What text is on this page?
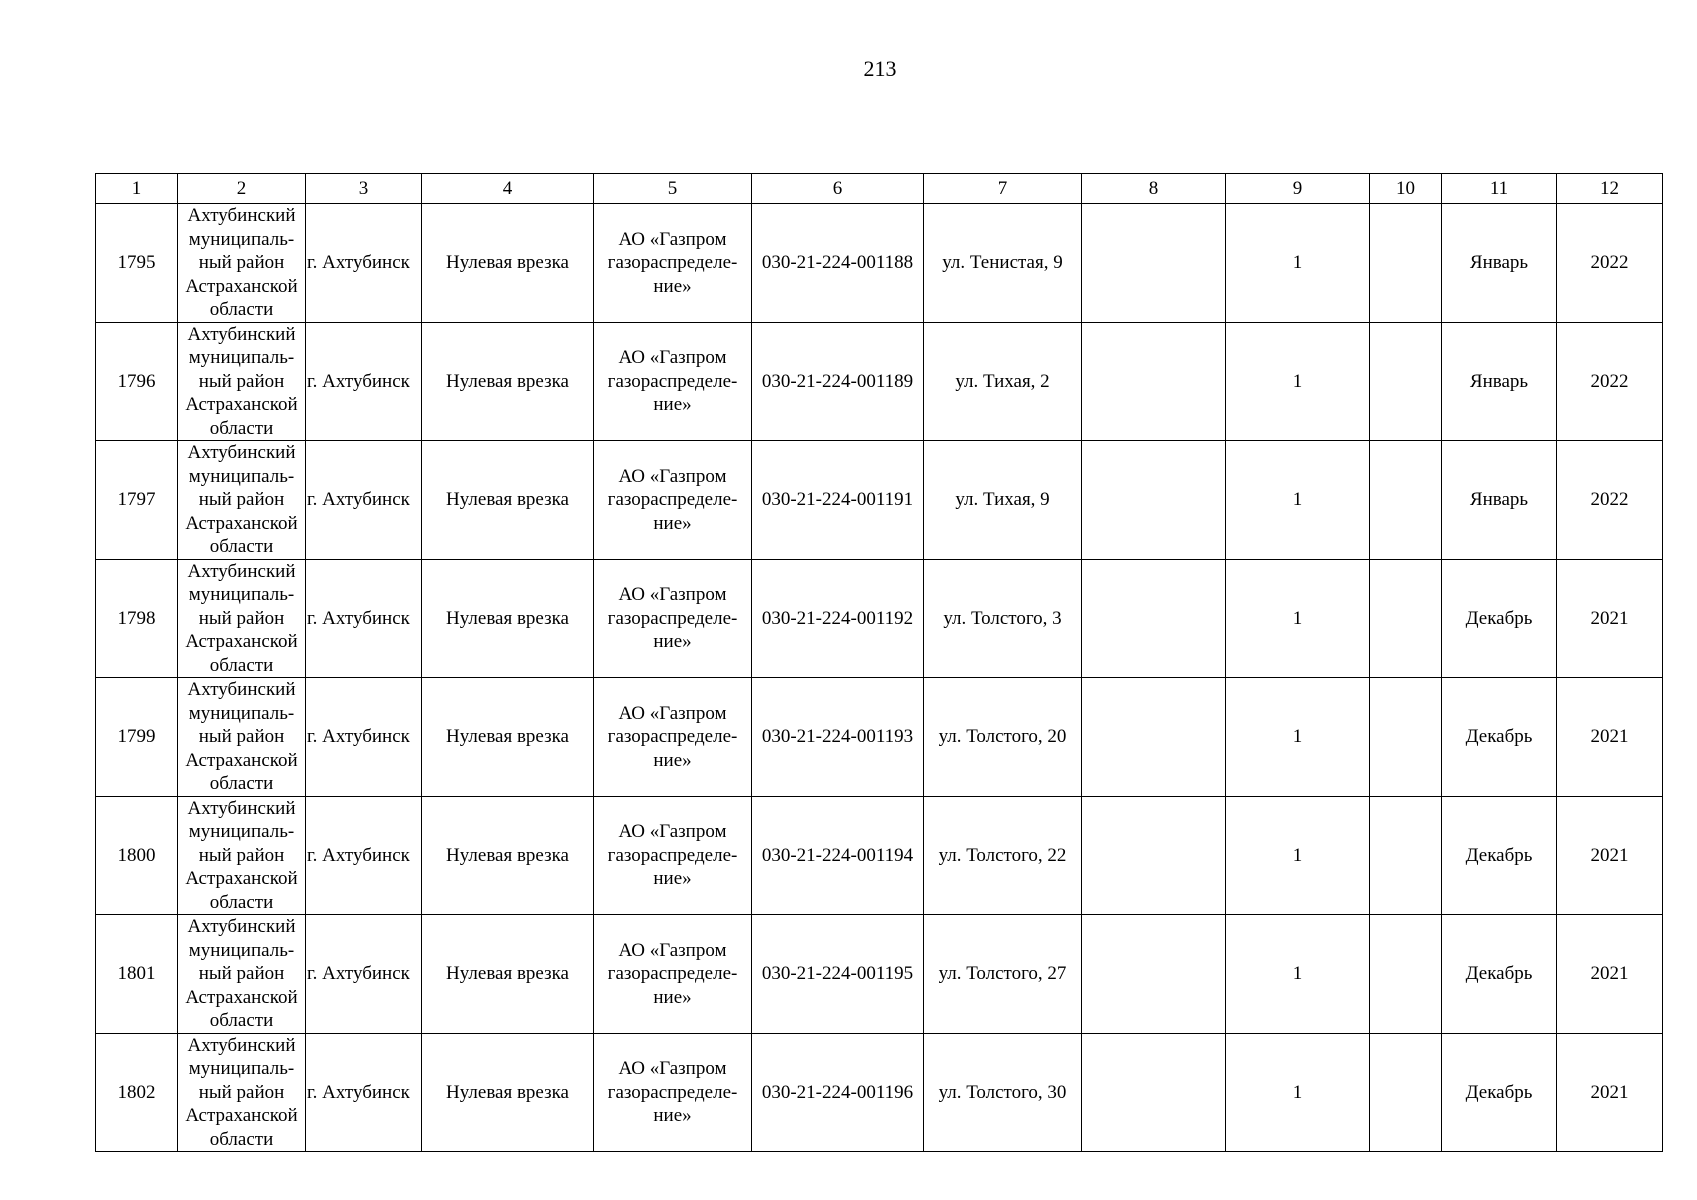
213
1	2	3	4	5	6	7	8	9	10	11	12
1795	Ахтубинский
муниципаль-
ный район
Астраханской
области	г. Ахтубинск	Нулевая врезка	АО «Газпром
газораспределе-
ние»	030-21-224-001188	ул. Тенистая, 9		1		Январь	2022
1796	Ахтубинский
муниципаль-
ный район
Астраханской
области	г. Ахтубинск	Нулевая врезка	АО «Газпром
газораспределе-
ние»	030-21-224-001189	ул. Тихая, 2		1		Январь	2022
1797	Ахтубинский
муниципаль-
ный район
Астраханской
области	г. Ахтубинск	Нулевая врезка	АО «Газпром
газораспределе-
ние»	030-21-224-001191	ул. Тихая, 9		1		Январь	2022
1798	Ахтубинский
муниципаль-
ный район
Астраханской
области	г. Ахтубинск	Нулевая врезка	АО «Газпром
газораспределе-
ние»	030-21-224-001192	ул. Толстого, 3		1		Декабрь	2021
1799	Ахтубинский
муниципаль-
ный район
Астраханской
области	г. Ахтубинск	Нулевая врезка	АО «Газпром
газораспределе-
ние»	030-21-224-001193	ул. Толстого, 20		1		Декабрь	2021
1800	Ахтубинский
муниципаль-
ный район
Астраханской
области	г. Ахтубинск	Нулевая врезка	АО «Газпром
газораспределе-
ние»	030-21-224-001194	ул. Толстого, 22		1		Декабрь	2021
1801	Ахтубинский
муниципаль-
ный район
Астраханской
области	г. Ахтубинск	Нулевая врезка	АО «Газпром
газораспределе-
ние»	030-21-224-001195	ул. Толстого, 27		1		Декабрь	2021
1802	Ахтубинский
муниципаль-
ный район
Астраханской
области	г. Ахтубинск	Нулевая врезка	АО «Газпром
газораспределе-
ние»	030-21-224-001196	ул. Толстого, 30		1		Декабрь	2021
